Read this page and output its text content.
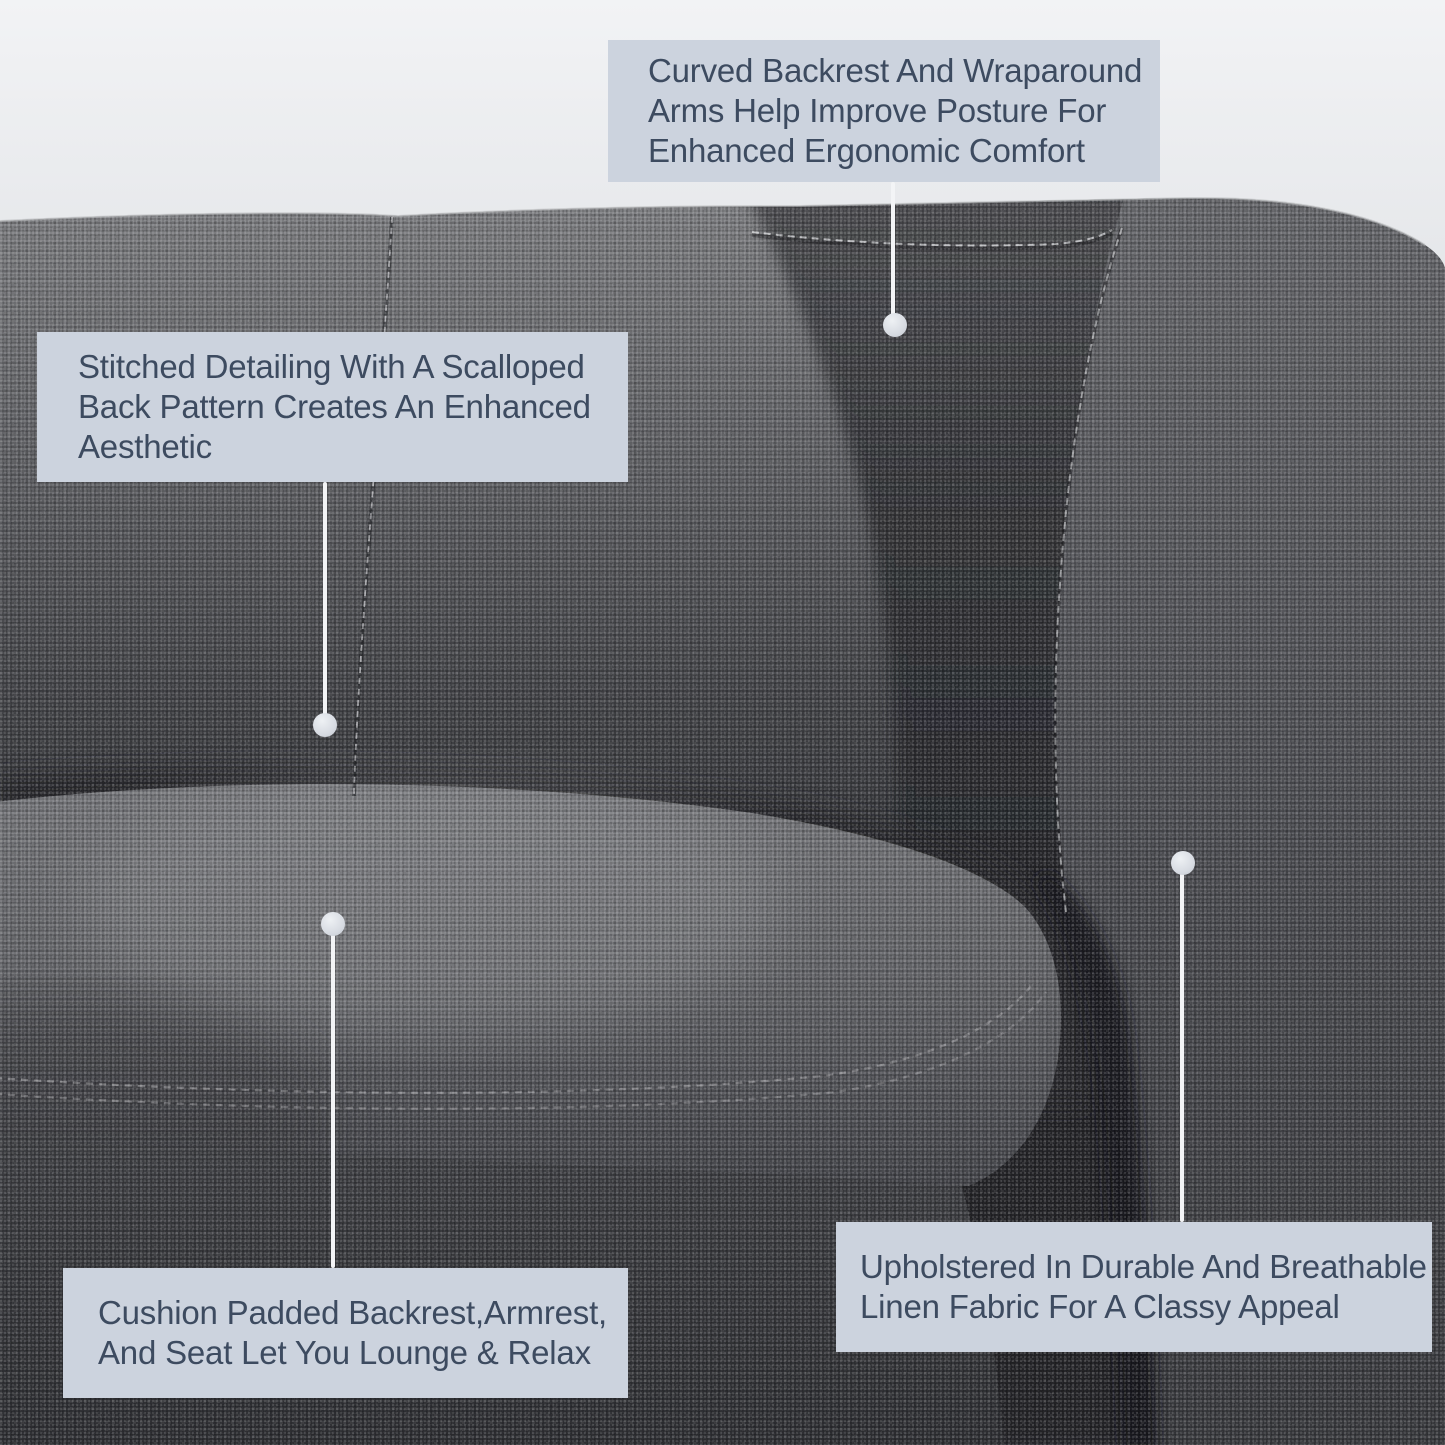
Curved Backrest And Wraparound
Arms Help Improve Posture For
Enhanced Ergonomic Comfort
Stitched Detailing With A Scalloped
Back Pattern Creates An Enhanced
Aesthetic
Cushion Padded Backrest,Armrest,
And Seat Let You Lounge & Relax
Upholstered In Durable And Breathable
Linen Fabric For A Classy Appeal
